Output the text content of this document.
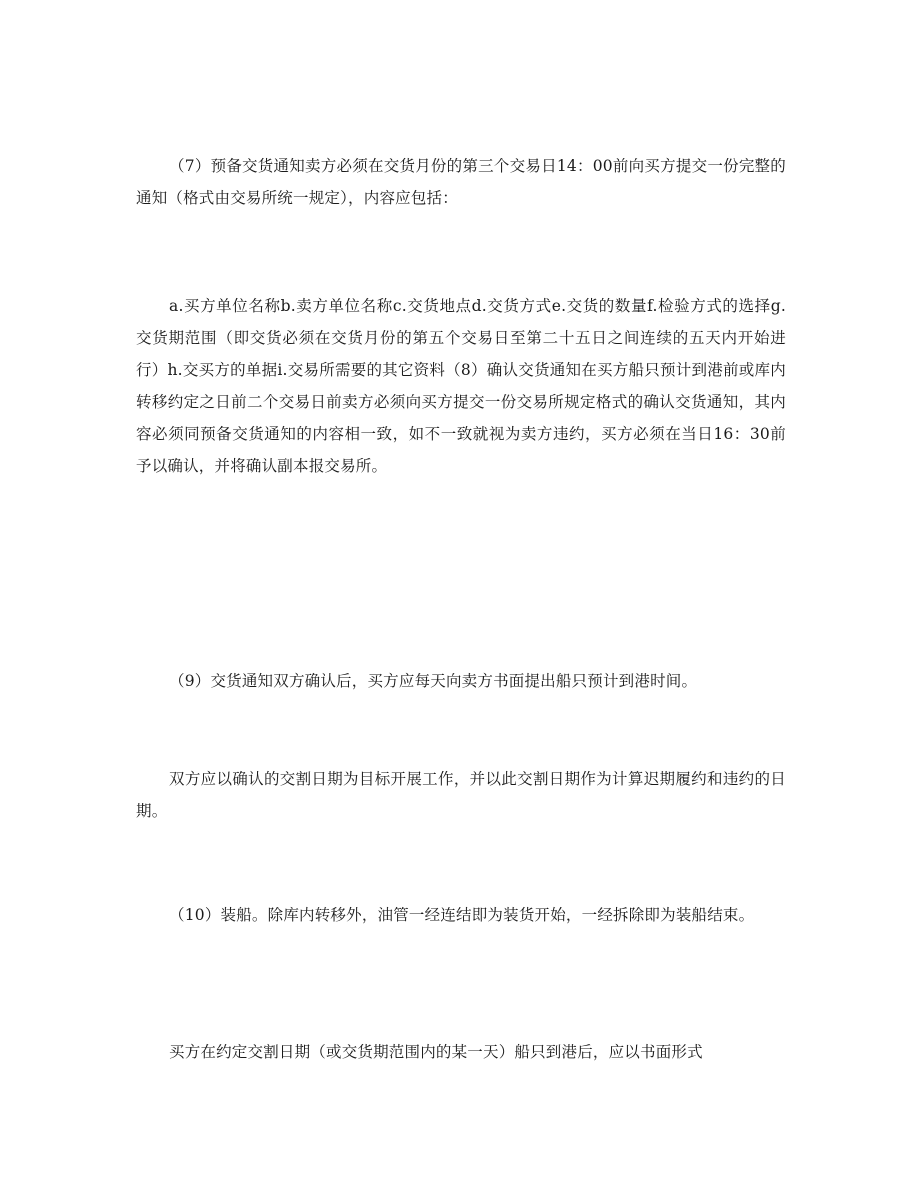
（7）预备交货通知卖方必须在交货月份的第三个交易日14：00前向买方提交一份完整的通知（格式由交易所统一规定），内容应包括：

a.买方单位名称b.卖方单位名称c.交货地点d.交货方式e.交货的数量f.检验方式的选择g.交货期范围（即交货必须在交货月份的第五个交易日至第二十五日之间连续的五天内开始进行）h.交买方的单据i.交易所需要的其它资料（8）确认交货通知在买方船只预计到港前或库内转移约定之日前二个交易日前卖方必须向买方提交一份交易所规定格式的确认交货通知，其内容必须同预备交货通知的内容相一致，如不一致就视为卖方违约，买方必须在当日16：30前予以确认，并将确认副本报交易所。

（9）交货通知双方确认后，买方应每天向卖方书面提出船只预计到港时间。

双方应以确认的交割日期为目标开展工作，并以此交割日期作为计算迟期履约和违约的日期。

（10）装船。除库内转移外，油管一经连结即为装货开始，一经拆除即为装船结束。

买方在约定交割日期（或交货期范围内的某一天）船只到港后，应以书面形式
